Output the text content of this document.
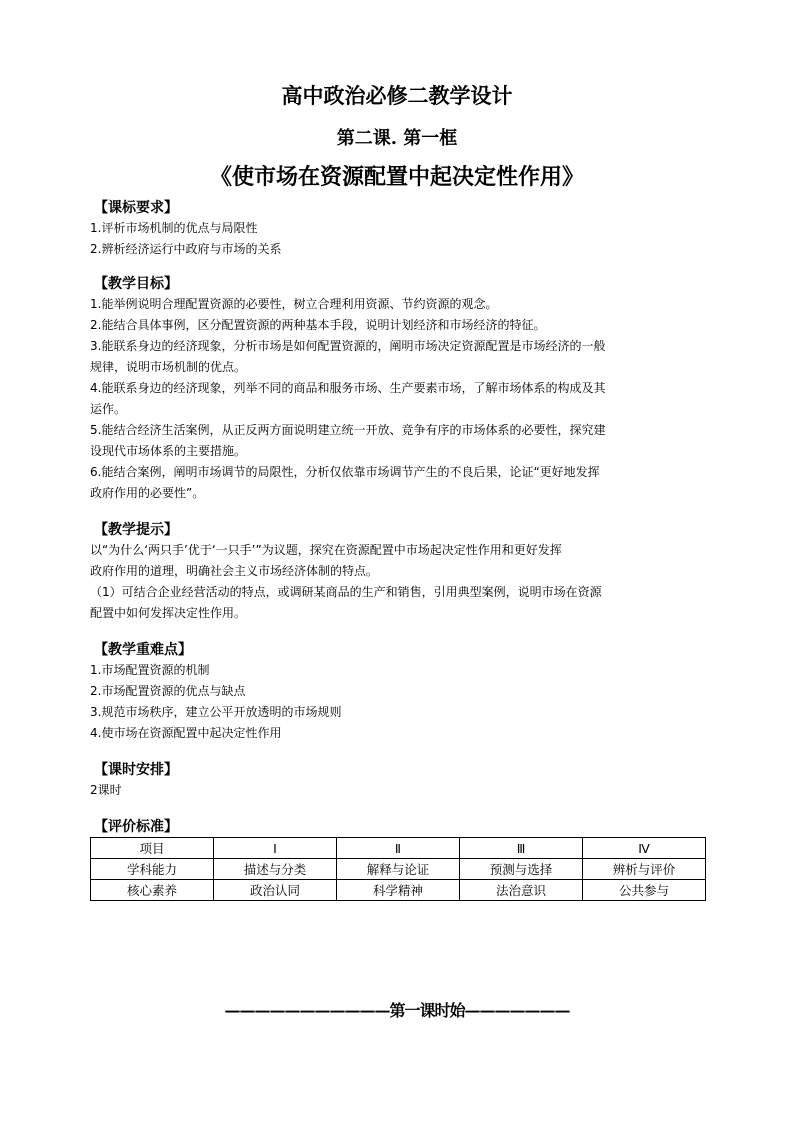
高中政治必修二教学设计
第二课. 第一框
《使市场在资源配置中起决定性作用》
【课标要求】
1.评析市场机制的优点与局限性
2.辨析经济运行中政府与市场的关系
【教学目标】
1.能举例说明合理配置资源的必要性，树立合理利用资源、节约资源的观念。
2.能结合具体事例，区分配置资源的两种基本手段，说明计划经济和市场经济的特征。
3.能联系身边的经济现象，分析市场是如何配置资源的，阐明市场决定资源配置是市场经济的一般
规律，说明市场机制的优点。
4.能联系身边的经济现象，列举不同的商品和服务市场、生产要素市场，了解市场体系的构成及其
运作。
5.能结合经济生活案例，从正反两方面说明建立统一开放、竞争有序的市场体系的必要性，探究建
设现代市场体系的主要措施。
6.能结合案例，阐明市场调节的局限性，分析仅依靠市场调节产生的不良后果，论证“更好地发挥
政府作用的必要性”。
【教学提示】
以“为什么‘两只手’优于‘一只手’”为议题，探究在资源配置中市场起决定性作用和更好发挥
政府作用的道理，明确社会主义市场经济体制的特点。
（1）可结合企业经营活动的特点，或调研某商品的生产和销售，引用典型案例，说明市场在资源
配置中如何发挥决定性作用。
【教学重难点】
1.市场配置资源的机制
2.市场配置资源的优点与缺点
3.规范市场秩序，建立公平开放透明的市场规则
4.使市场在资源配置中起决定性作用
【课时安排】
2课时
【评价标准】
项目	Ⅰ	Ⅱ	Ⅲ	Ⅳ
学科能力	描述与分类	解释与论证	预测与选择	辨析与评价
核心素养	政治认同	科学精神	法治意识	公共参与
———————————第一课时始———————
